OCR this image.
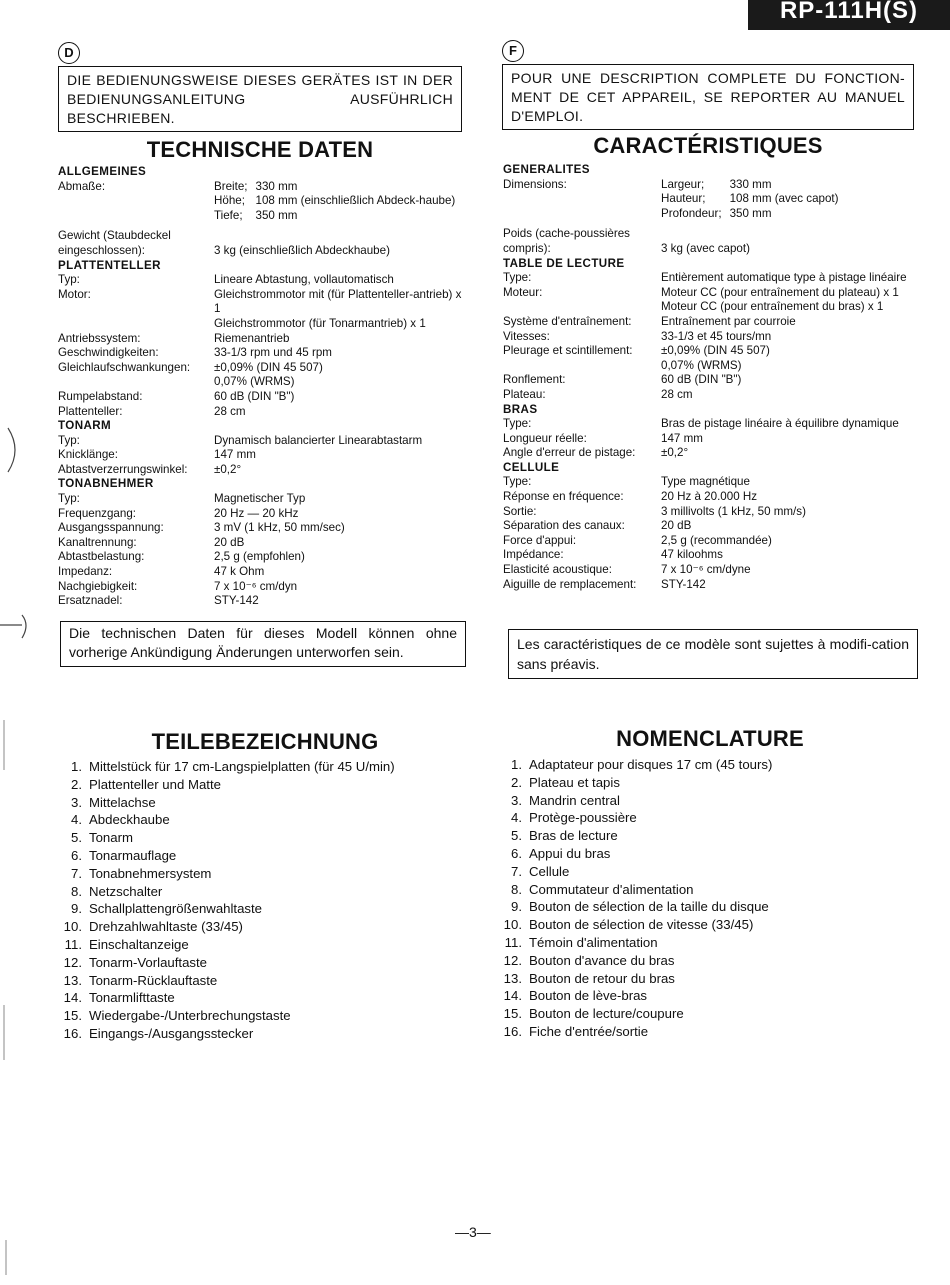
RP-111H(S)
D
DIE BEDIENUNGSWEISE DIESES GERÄTES IST IN DER BEDIENUNGSANLEITUNG AUSFÜHRLICH BESCHRIEBEN.
TECHNISCHE DATEN
ALLGEMEINES
Abmaße:	Breite; 330 mm
Höhe; 108 mm (einschließlich Abdeck-haube)
Tiefe;	350 mm
Gewicht (Staubdeckel eingeschlossen):	3 kg (einschließlich Abdeckhaube)
PLATTENTELLER
Typ:	Lineare Abtastung, vollautomatisch
Motor:	Gleichstrommotor mit (für Plattenteller-antrieb) x 1
Gleichstrommotor (für Tonarmantrieb) x 1
Antriebssystem:	Riemenantrieb
Geschwindigkeiten:	33-1/3 rpm und 45 rpm
Gleichlaufschwankungen:	±0,09% (DIN 45 507)
0,07% (WRMS)
Rumpelabstand:	60 dB (DIN "B")
Plattenteller:	28 cm
TONARM
Typ:	Dynamisch balancierter Linearabtastarm
Knicklänge:	147 mm
Abtastverzerrungswinkel:	±0,2°
TONABNEHMER
Typ:	Magnetischer Typ
Frequenzgang:	20 Hz — 20 kHz
Ausgangsspannung:	3 mV (1 kHz, 50 mm/sec)
Kanaltrennung:	20 dB
Abtastbelastung:	2,5 g (empfohlen)
Impedanz:	47 k Ohm
Nachgiebigkeit:	7 x 10⁻⁶ cm/dyn
Ersatznadel:	STY-142
Die technischen Daten für dieses Modell können ohne vorherige Ankündigung Änderungen unterworfen sein.
TEILEBEZEICHNUNG
1. Mittelstück für 17 cm-Langspielplatten (für 45 U/min)
2. Plattenteller und Matte
3. Mittelachse
4. Abdeckhaube
5. Tonarm
6. Tonarmauflage
7. Tonabnehmersystem
8. Netzschalter
9. Schallplattengrößenwahltaste
10. Drehzahlwahltaste (33/45)
11. Einschaltanzeige
12. Tonarm-Vorlauftaste
13. Tonarm-Rücklauftaste
14. Tonarmlifttaste
15. Wiedergabe-/Unterbrechungstaste
16. Eingangs-/Ausgangsstecker
F
POUR UNE DESCRIPTION COMPLETE DU FONCTION-MENT DE CET APPAREIL, SE REPORTER AU MANUEL D'EMPLOI.
CARACTÉRISTIQUES
GENERALITES
Dimensions:	Largeur;	330 mm
Hauteur;	108 mm (avec capot)
Profondeur; 350 mm
Poids (cache-poussières compris):	3 kg (avec capot)
TABLE DE LECTURE
Type:	Entièrement automatique type à pistage linéaire
Moteur:	Moteur CC (pour entraînement du plateau) x 1
Moteur CC (pour entraînement du bras) x 1
Système d'entraînement:	Entraînement par courroie
Vitesses:	33-1/3 et 45 tours/mn
Pleurage et scintillement:	±0,09% (DIN 45 507)
0,07% (WRMS)
Ronflement:	60 dB (DIN "B")
Plateau:	28 cm
BRAS
Type:	Bras de pistage linéaire à équilibre dynamique
Longueur réelle:	147 mm
Angle d'erreur de pistage:	±0,2°
CELLULE
Type:	Type magnétique
Réponse en fréquence:	20 Hz à 20.000 Hz
Sortie:	3 millivolts (1 kHz, 50 mm/s)
Séparation des canaux:	20 dB
Force d'appui:	2,5 g (recommandée)
Impédance:	47 kiloohms
Elasticité acoustique:	7 x 10⁻⁶ cm/dyne
Aiguille de remplacement:	STY-142
Les caractéristiques de ce modèle sont sujettes à modifi-cation sans préavis.
NOMENCLATURE
1. Adaptateur pour disques 17 cm (45 tours)
2. Plateau et tapis
3. Mandrin central
4. Protège-poussière
5. Bras de lecture
6. Appui du bras
7. Cellule
8. Commutateur d'alimentation
9. Bouton de sélection de la taille du disque
10. Bouton de sélection de vitesse (33/45)
11. Témoin d'alimentation
12. Bouton d'avance du bras
13. Bouton de retour du bras
14. Bouton de lève-bras
15. Bouton de lecture/coupure
16. Fiche d'entrée/sortie
—3—
